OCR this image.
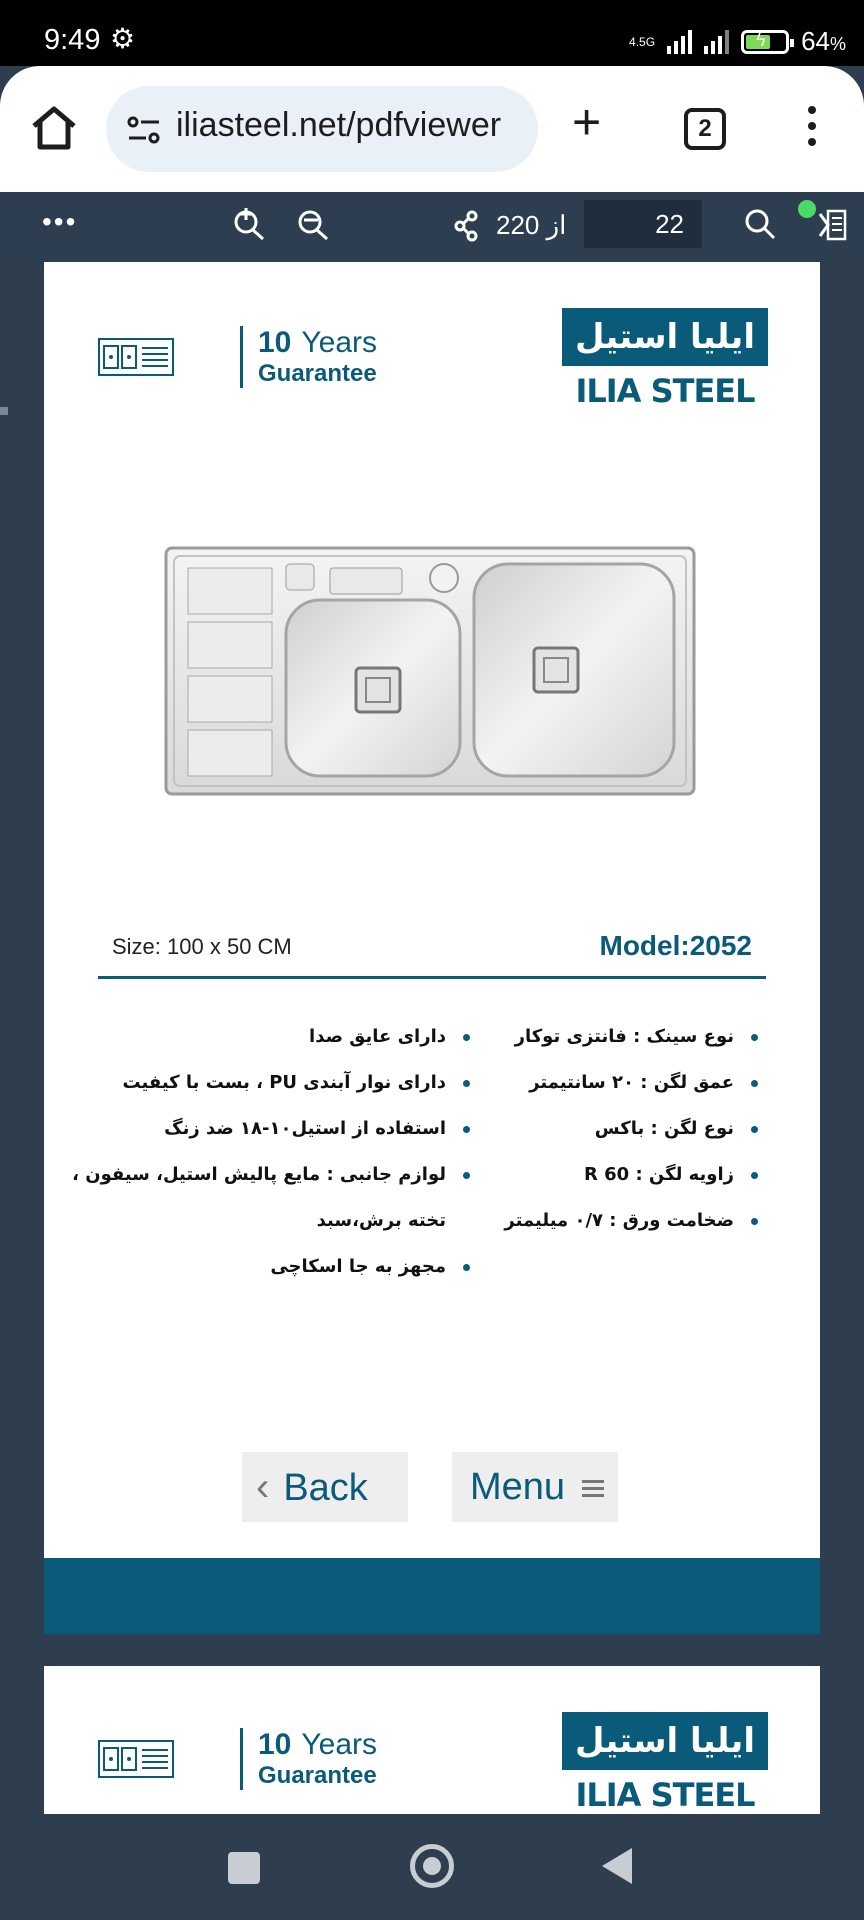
9:49 ⚙	4.5G	ϟ 64%
iliasteel.net/pdfviewer +	2
•••	از 220
22
10 Years
Guarantee
ایلیا استیل
ILIA STEEL
Size: 100 x 50 CM	Model:2052
نوع سینک : فانتزی توکار
عمق لگن : ۲۰ سانتیمتر
نوع لگن : باکس
زاویه لگن : R 60
ضخامت ورق : ۰/۷ میلیمتر
دارای عایق صدا
دارای نوار آبندی PU ، بست با کیفیت
استفاده از استیل۱۰-۱۸ ضد زنگ
لوازم جانبی : مایع پالیش استیل، سیفون ،
تخته برش،سبد
مجهز به جا اسکاچی
‹ Back	Menu
10 Years
Guarantee
ایلیا استیل
ILIA STEEL
